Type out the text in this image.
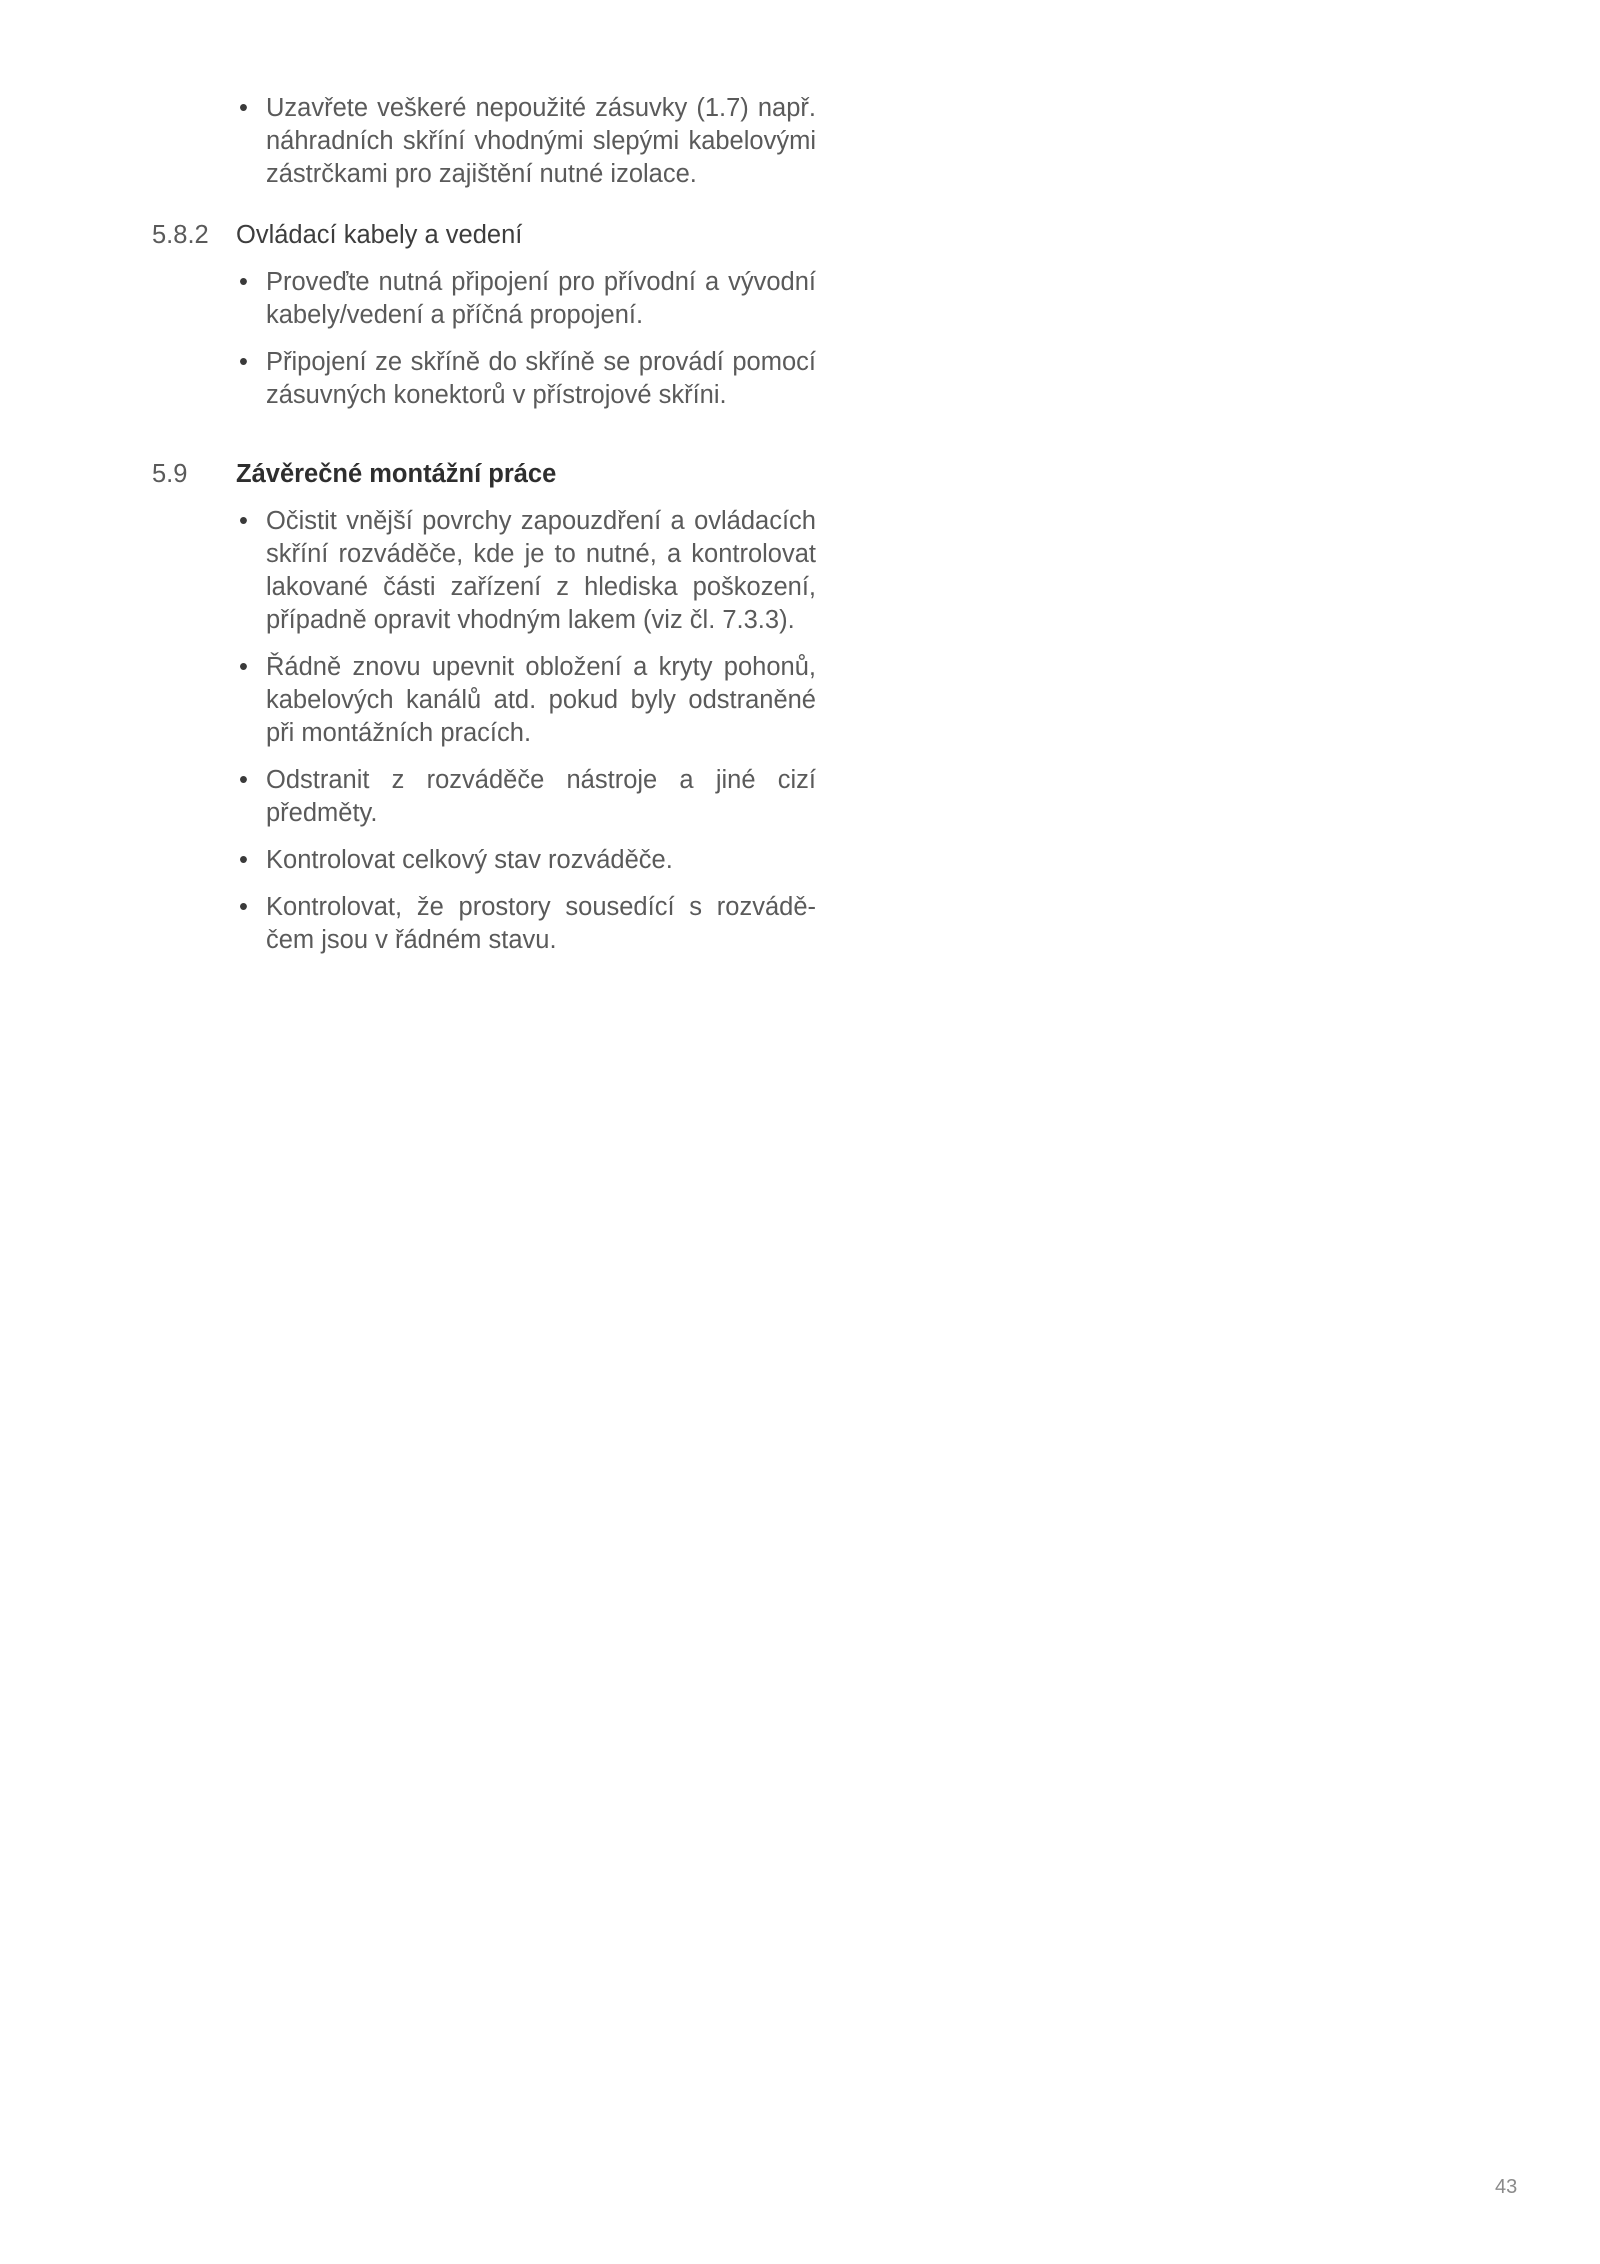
• Uzavřete veškeré nepoužité zásuvky (1.7) např. náhradních skříní vhodnými slepými kabelovými zástrčkami pro zajištění nutné izolace.
5.8.2 Ovládací kabely a vedení
• Proveďte nutná připojení pro přívodní a vývodní kabely/vedení a příčná propojení.
• Připojení ze skříně do skříně se provádí pomocí zásuvných konektorů v přístrojové skříni.
5.9 Závěrečné montážní práce
• Očistit vnější povrchy zapouzdření a ovládacích skříní rozváděče, kde je to nutné, a kontrolovat lakované části zařízení z hlediska poškození, případně opravit vhodným lakem (viz čl. 7.3.3).
• Řádně znovu upevnit obložení a kryty pohonů, kabelových kanálů atd. pokud byly odstraněné při montážních pracích.
• Odstranit z rozváděče nástroje a jiné cizí předměty.
• Kontrolovat celkový stav rozváděče.
• Kontrolovat, že prostory sousedící s rozvádě-čem jsou v řádném stavu.
43
